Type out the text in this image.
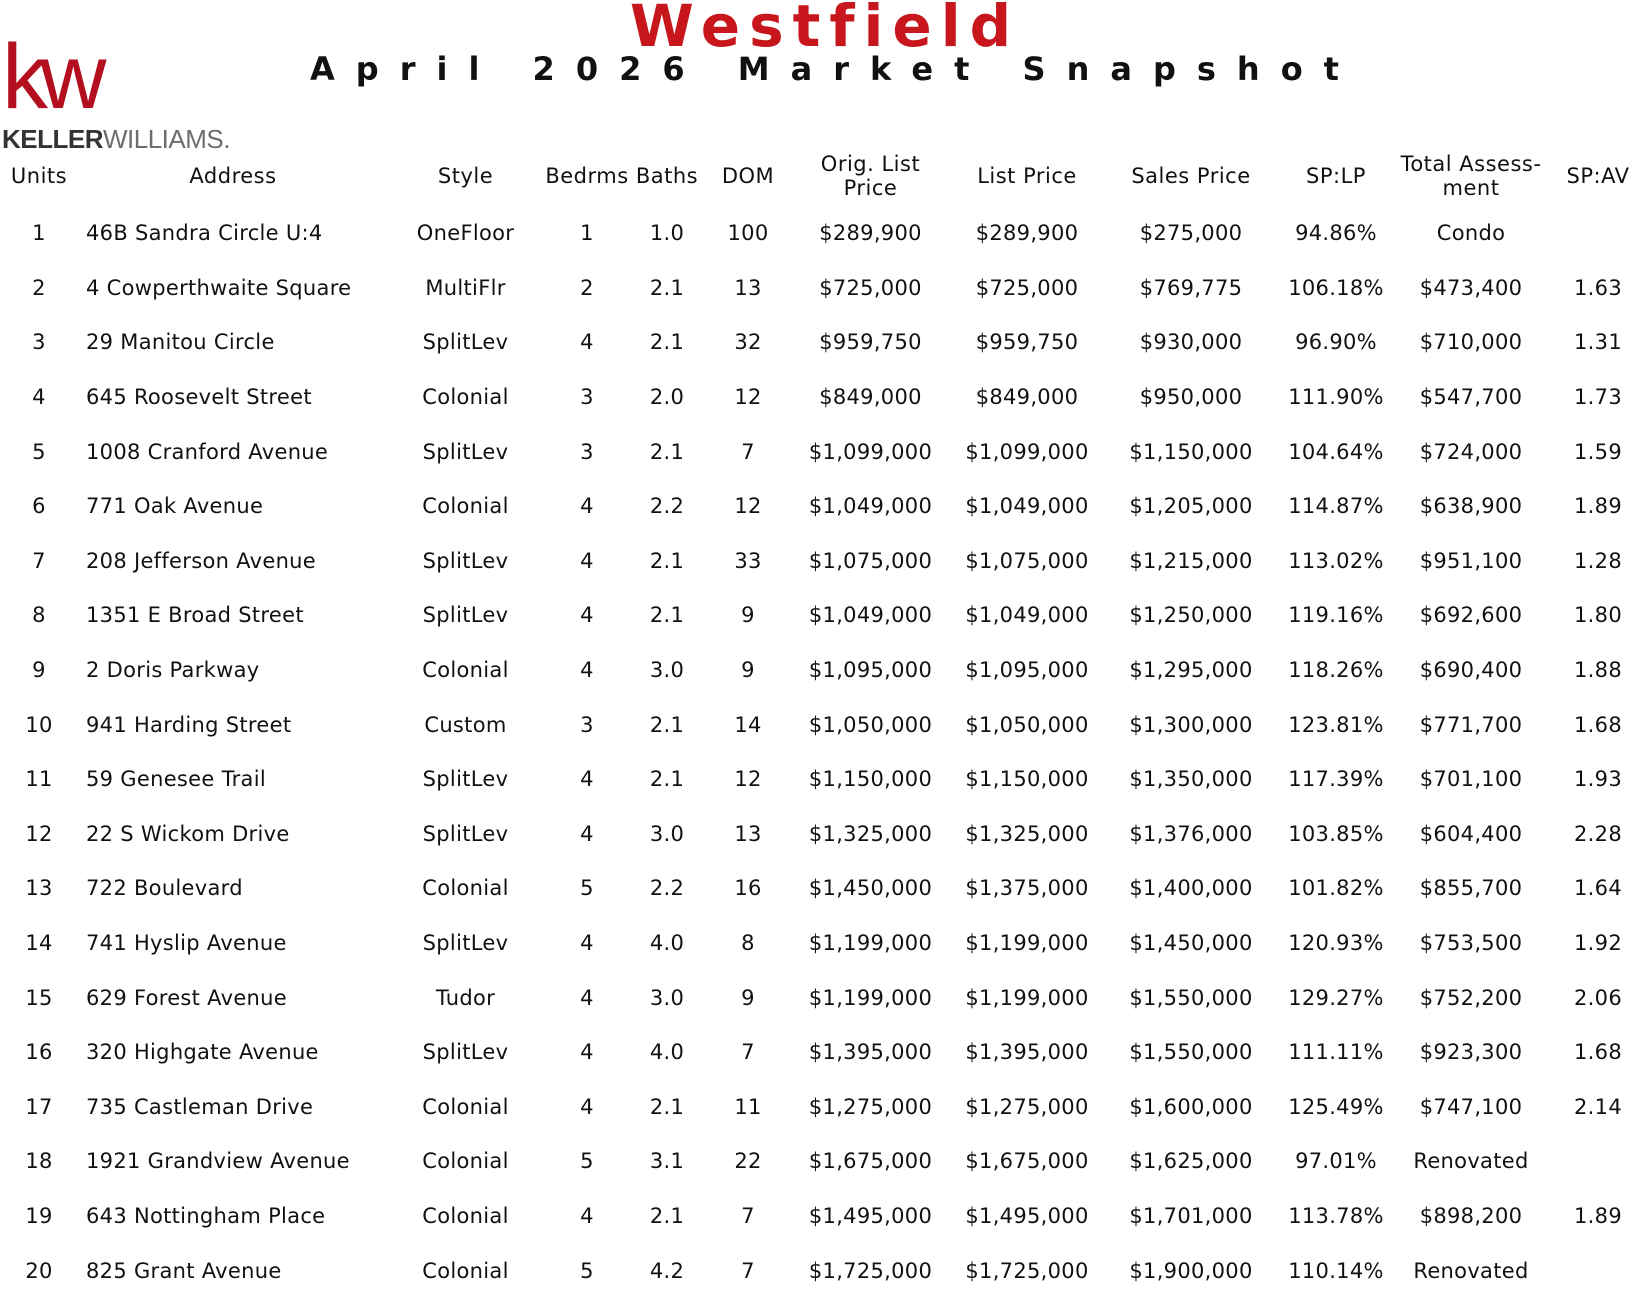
kw
KELLERWILLIAMS.
Westfield
April 2026 Market Snapshot
Units	Address	Style	Bedrms	Baths	DOM	Orig. List Price	List Price	Sales Price	SP:LP	Total Assess-ment	SP:AV
1	46B Sandra Circle U:4	OneFloor	1	1.0	100	$289,900	$289,900	$275,000	94.86%	Condo	
2	4 Cowperthwaite Square	MultiFlr	2	2.1	13	$725,000	$725,000	$769,775	106.18%	$473,400	1.63
3	29 Manitou Circle	SplitLev	4	2.1	32	$959,750	$959,750	$930,000	96.90%	$710,000	1.31
4	645 Roosevelt Street	Colonial	3	2.0	12	$849,000	$849,000	$950,000	111.90%	$547,700	1.73
5	1008 Cranford Avenue	SplitLev	3	2.1	7	$1,099,000	$1,099,000	$1,150,000	104.64%	$724,000	1.59
6	771 Oak Avenue	Colonial	4	2.2	12	$1,049,000	$1,049,000	$1,205,000	114.87%	$638,900	1.89
7	208 Jefferson Avenue	SplitLev	4	2.1	33	$1,075,000	$1,075,000	$1,215,000	113.02%	$951,100	1.28
8	1351 E Broad Street	SplitLev	4	2.1	9	$1,049,000	$1,049,000	$1,250,000	119.16%	$692,600	1.80
9	2 Doris Parkway	Colonial	4	3.0	9	$1,095,000	$1,095,000	$1,295,000	118.26%	$690,400	1.88
10	941 Harding Street	Custom	3	2.1	14	$1,050,000	$1,050,000	$1,300,000	123.81%	$771,700	1.68
11	59 Genesee Trail	SplitLev	4	2.1	12	$1,150,000	$1,150,000	$1,350,000	117.39%	$701,100	1.93
12	22 S Wickom Drive	SplitLev	4	3.0	13	$1,325,000	$1,325,000	$1,376,000	103.85%	$604,400	2.28
13	722 Boulevard	Colonial	5	2.2	16	$1,450,000	$1,375,000	$1,400,000	101.82%	$855,700	1.64
14	741 Hyslip Avenue	SplitLev	4	4.0	8	$1,199,000	$1,199,000	$1,450,000	120.93%	$753,500	1.92
15	629 Forest Avenue	Tudor	4	3.0	9	$1,199,000	$1,199,000	$1,550,000	129.27%	$752,200	2.06
16	320 Highgate Avenue	SplitLev	4	4.0	7	$1,395,000	$1,395,000	$1,550,000	111.11%	$923,300	1.68
17	735 Castleman Drive	Colonial	4	2.1	11	$1,275,000	$1,275,000	$1,600,000	125.49%	$747,100	2.14
18	1921 Grandview Avenue	Colonial	5	3.1	22	$1,675,000	$1,675,000	$1,625,000	97.01%	Renovated	
19	643 Nottingham Place	Colonial	4	2.1	7	$1,495,000	$1,495,000	$1,701,000	113.78%	$898,200	1.89
20	825 Grant Avenue	Colonial	5	4.2	7	$1,725,000	$1,725,000	$1,900,000	110.14%	Renovated	
